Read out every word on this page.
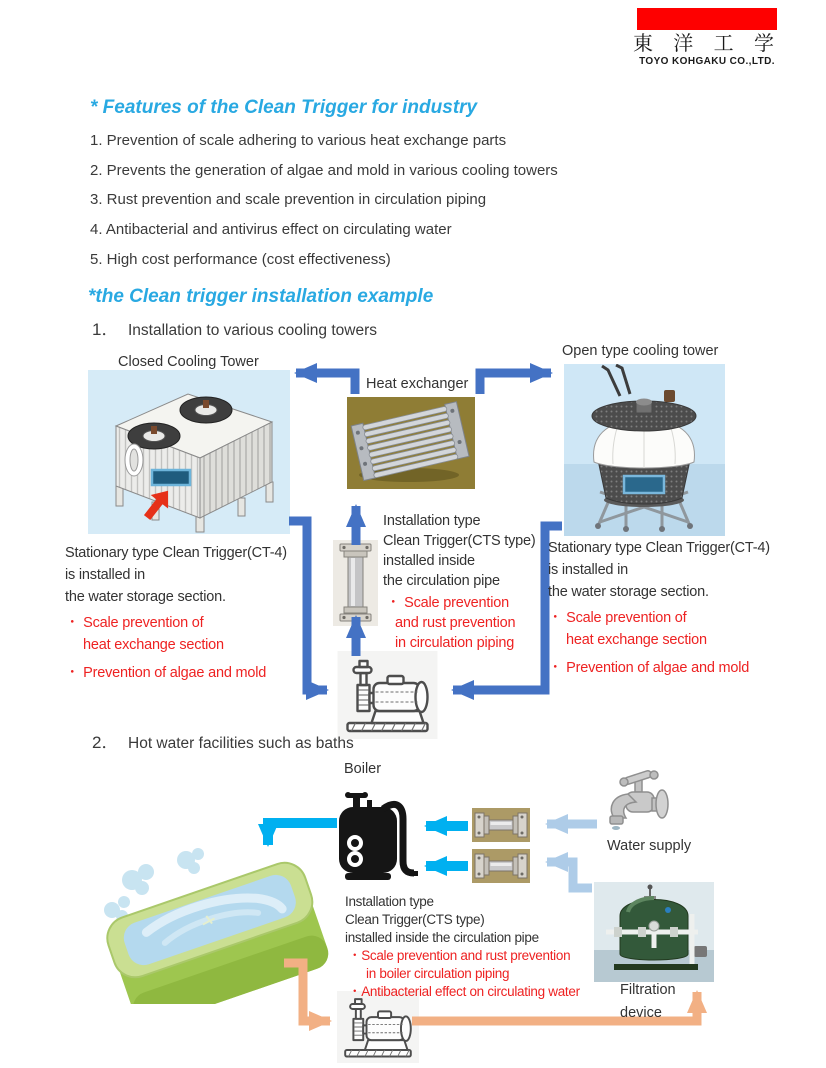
東 洋 工 学
TOYO KOHGAKU CO.,LTD.
* Features of the Clean Trigger for industry
1. Prevention of scale adhering to various heat exchange parts
2. Prevents the generation of algae and mold in various cooling towers
3. Rust prevention and scale prevention in circulation piping
4. Antibacterial and antivirus effect on circulating water
5. High cost performance (cost effectiveness)
*the Clean trigger installation example
1． Installation to various cooling towers
Closed Cooling Tower
Open type cooling tower
Heat exchanger
Stationary type Clean Trigger(CT-4)
is installed in
the water storage section.
・ Scale prevention of
heat exchange section
・ Prevention of algae and mold
Installation type
Clean Trigger(CTS type)
installed inside
the circulation pipe
・ Scale prevention
and rust prevention
in circulation piping
Stationary type Clean Trigger(CT-4)
is installed in
the water storage section.
・ Scale prevention of
heat exchange section
・ Prevention of algae and mold
2． Hot water facilities such as baths
Boiler
Water supply
Filtration
device
Installation type
Clean Trigger(CTS type)
installed inside the circulation pipe
・Scale prevention and rust prevention
in boiler circulation piping
・Antibacterial effect on circulating water
